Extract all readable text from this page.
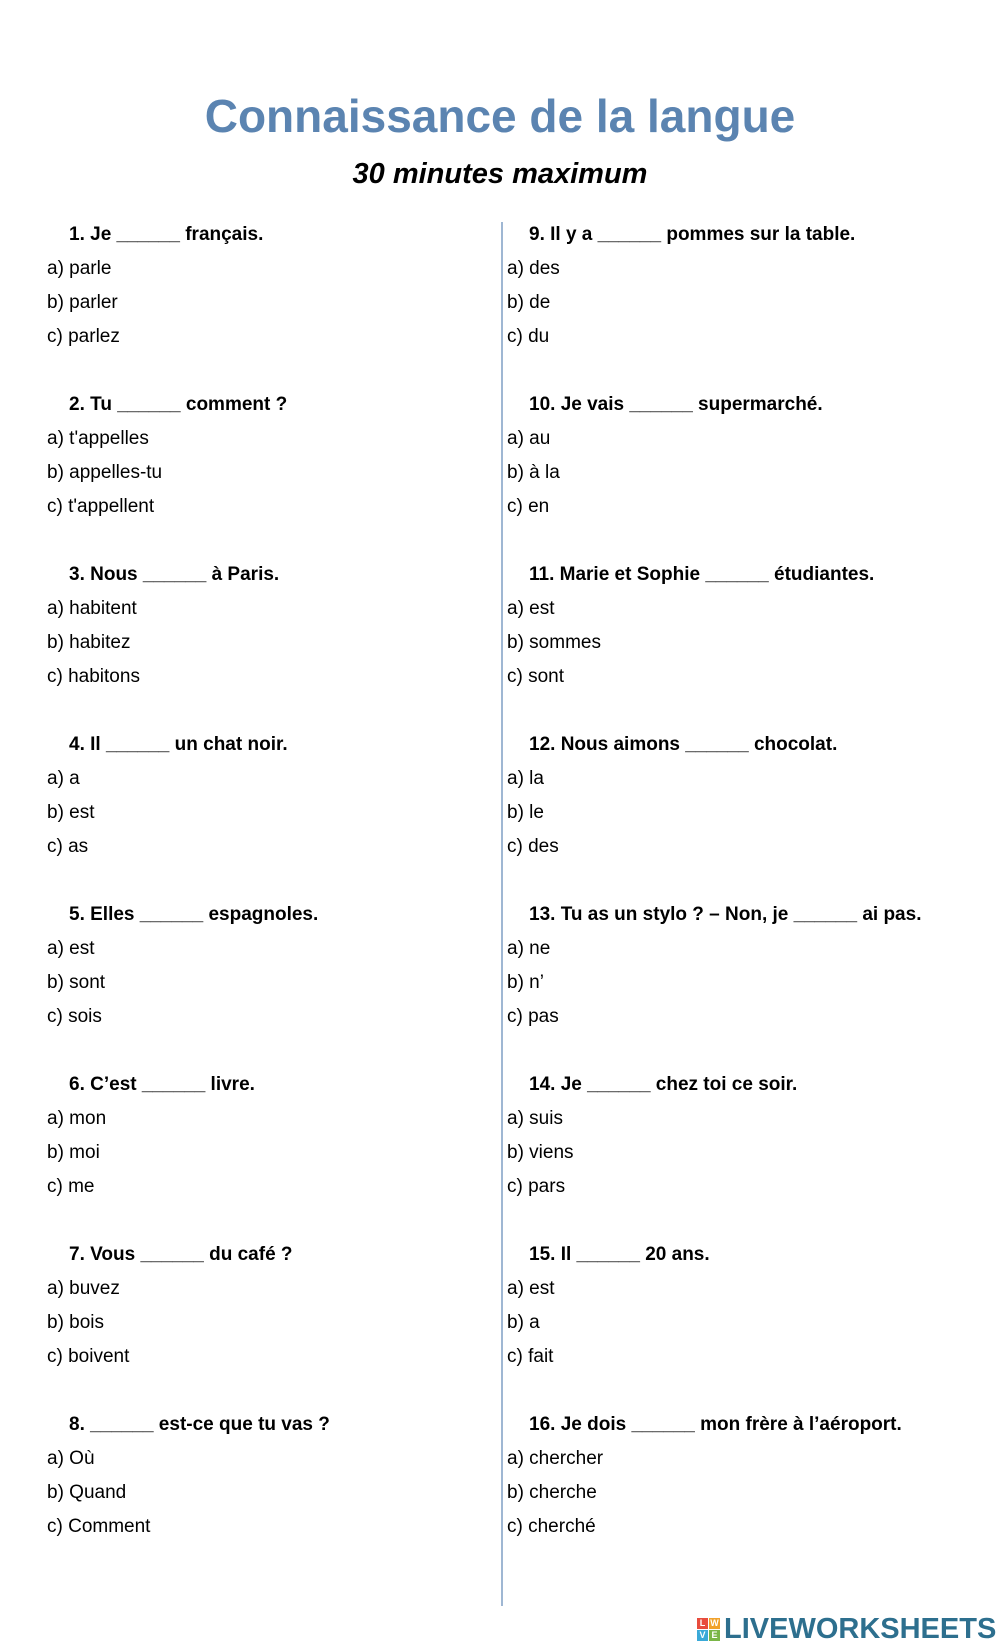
Connaissance de la langue
30 minutes maximum
1. Je ______ français.
a) parle
b) parler
c) parlez
2. Tu ______ comment ?
a) t'appelles
b) appelles-tu
c) t'appellent
3. Nous ______ à Paris.
a) habitent
b) habitez
c) habitons
4. Il ______ un chat noir.
a) a
b) est
c) as
5. Elles ______ espagnoles.
a) est
b) sont
c) sois
6. C’est ______ livre.
a) mon
b) moi
c) me
7. Vous ______ du café ?
a) buvez
b) bois
c) boivent
8. ______ est-ce que tu vas ?
a) Où
b) Quand
c) Comment
9. Il y a ______ pommes sur la table.
a) des
b) de
c) du
10. Je vais ______ supermarché.
a) au
b) à la
c) en
11. Marie et Sophie ______ étudiantes.
a) est
b) sommes
c) sont
12. Nous aimons ______ chocolat.
a) la
b) le
c) des
13. Tu as un stylo ? – Non, je ______ ai pas.
a) ne
b) n’
c) pas
14. Je ______ chez toi ce soir.
a) suis
b) viens
c) pars
15. Il ______ 20 ans.
a) est
b) a
c) fait
16. Je dois ______ mon frère à l’aéroport.
a) chercher
b) cherche
c) cherché
L W
V E LIVEWORKSHEETS
